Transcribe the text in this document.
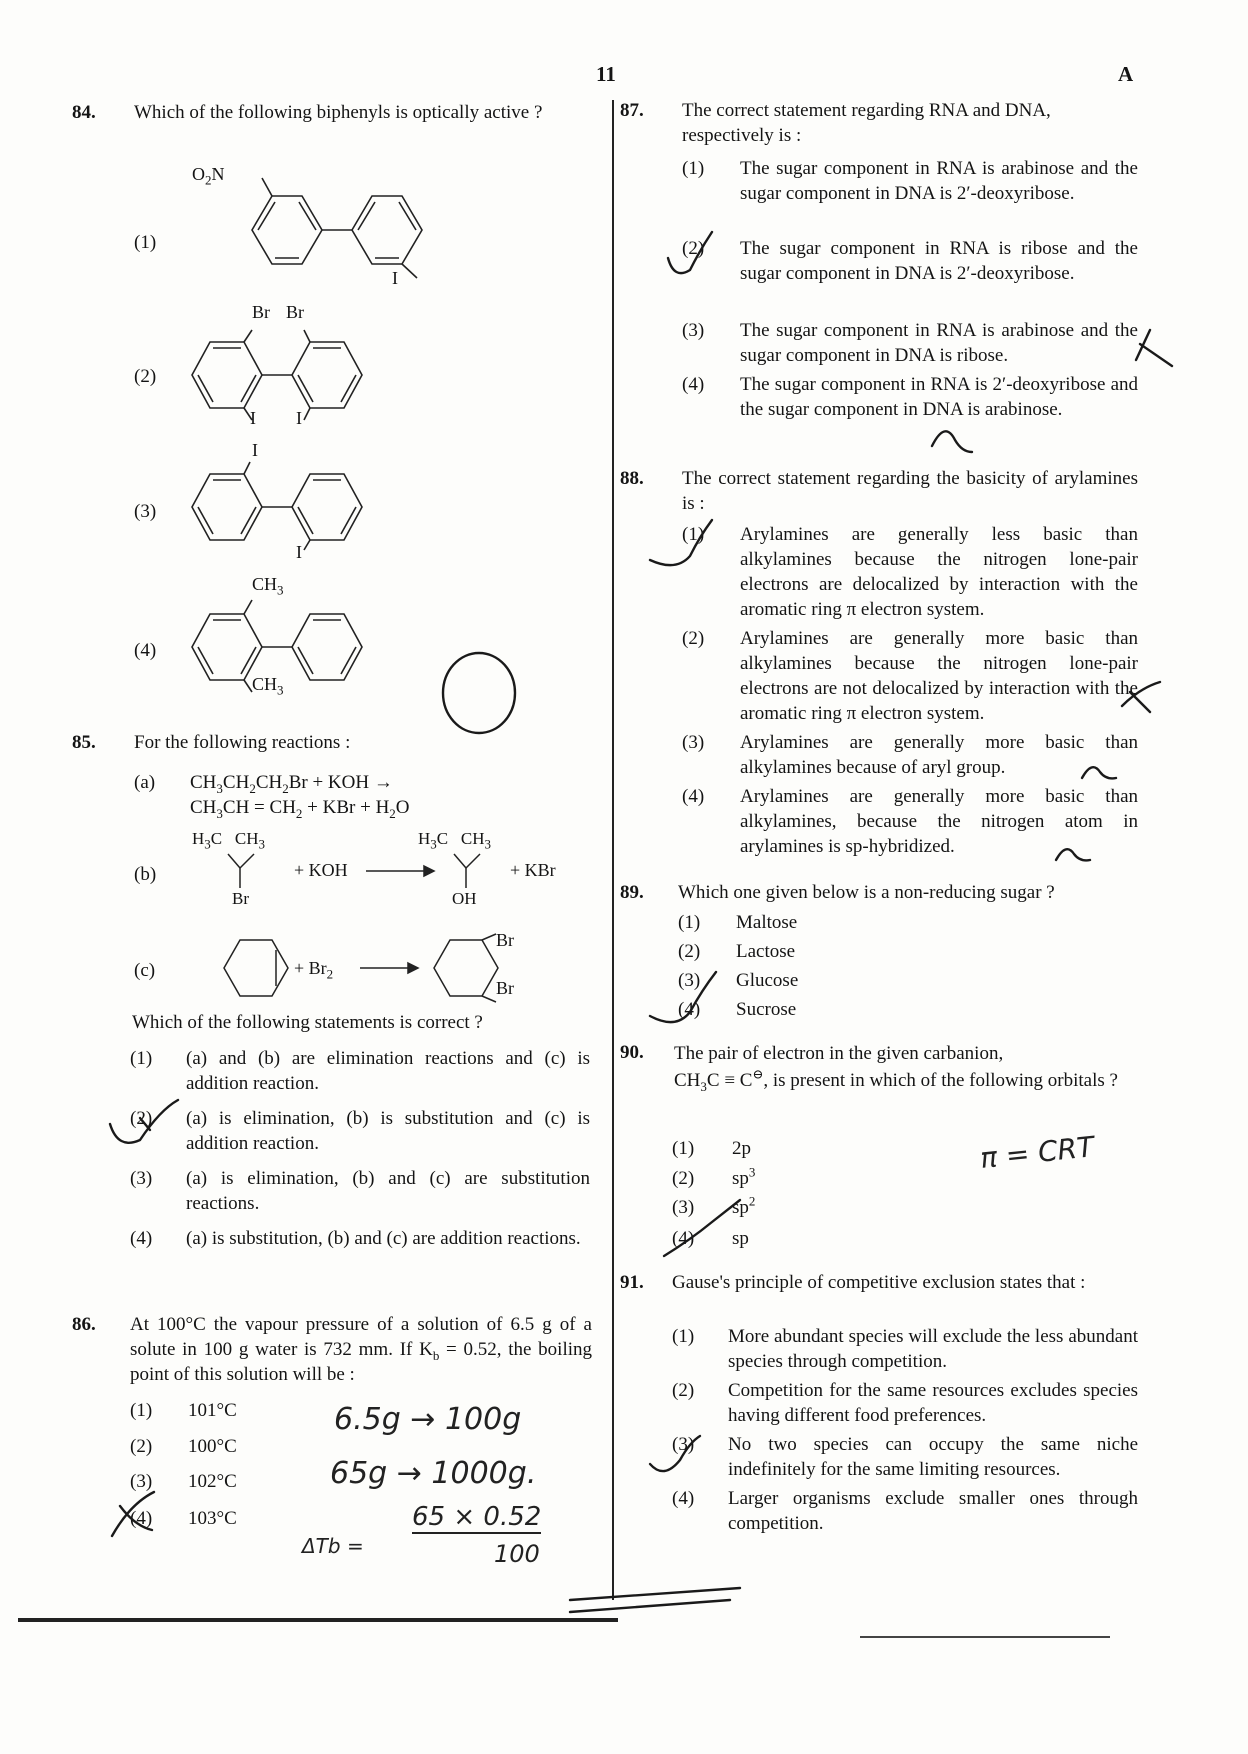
11	A
84. Which of the following biphenyls is optically active ?
(1)
(2)
(3)
(4)
$O_2N$
I
Br Br
I I
I
I
$CH_3$
$CH_3$
85. For the following reactions :
(a) $CH_3CH_2CH_2Br$ + KOH →
$CH_3CH = CH_2$ + KBr + $H_2O$
(b)
$H_3C$   $CH_3$
Br
+ KOH
$H_3C$   $CH_3$
OH
+ KBr
(c)	+ $Br_2$
Br
Br
Which of the following statements is correct ?
(1) (a) and (b) are elimination reactions and (c) is addition reaction.
(2) (a) is elimination, (b) is substitution and (c) is addition reaction.
(3) (a) is elimination, (b) and (c) are substitution reactions.
(4) (a) is substitution, (b) and (c) are addition reactions.
86. At 100°C the vapour pressure of a solution of 6.5 g of a solute in 100 g water is 732 mm. If $K_b = 0.52$, the boiling point of this solution will be :
(1) 101°C
(2) 100°C
(3) 102°C
(4) 103°C
87. The correct statement regarding RNA and DNA, respectively is :
(1) The sugar component in RNA is arabinose and the sugar component in DNA is 2′-deoxyribose.
(2) The sugar component in RNA is ribose and the sugar component in DNA is 2′-deoxyribose.
(3) The sugar component in RNA is arabinose and the sugar component in DNA is ribose.
(4) The sugar component in RNA is 2′-deoxyribose and the sugar component in DNA is arabinose.
88. The correct statement regarding the basicity of arylamines is :
(1) Arylamines are generally less basic than alkylamines because the nitrogen lone-pair electrons are delocalized by interaction with the aromatic ring π electron system.
(2) Arylamines are generally more basic than alkylamines because the nitrogen lone-pair electrons are not delocalized by interaction with the aromatic ring π electron system.
(3) Arylamines are generally more basic than alkylamines because of aryl group.
(4) Arylamines are generally more basic than alkylamines, because the nitrogen atom in arylamines is sp-hybridized.
89. Which one given below is a non-reducing sugar ?
(1) Maltose
(2) Lactose
(3) Glucose
(4) Sucrose
90. The pair of electron in the given carbanion,
$CH_3C \equiv C^⊖$, is present in which of the following orbitals ?
(1) 2p
(2) $sp^3$
(3) $sp^2$
(4) sp
91. Gause's principle of competitive exclusion states that :
(1) More abundant species will exclude the less abundant species through competition.
(2) Competition for the same resources excludes species having different food preferences.
(3) No two species can occupy the same niche indefinitely for the same limiting resources.
(4) Larger organisms exclude smaller ones through competition.
6.5g → 100g
65g → 1000g.
ΔTb =
65 × 0.52
100
π = CRT
